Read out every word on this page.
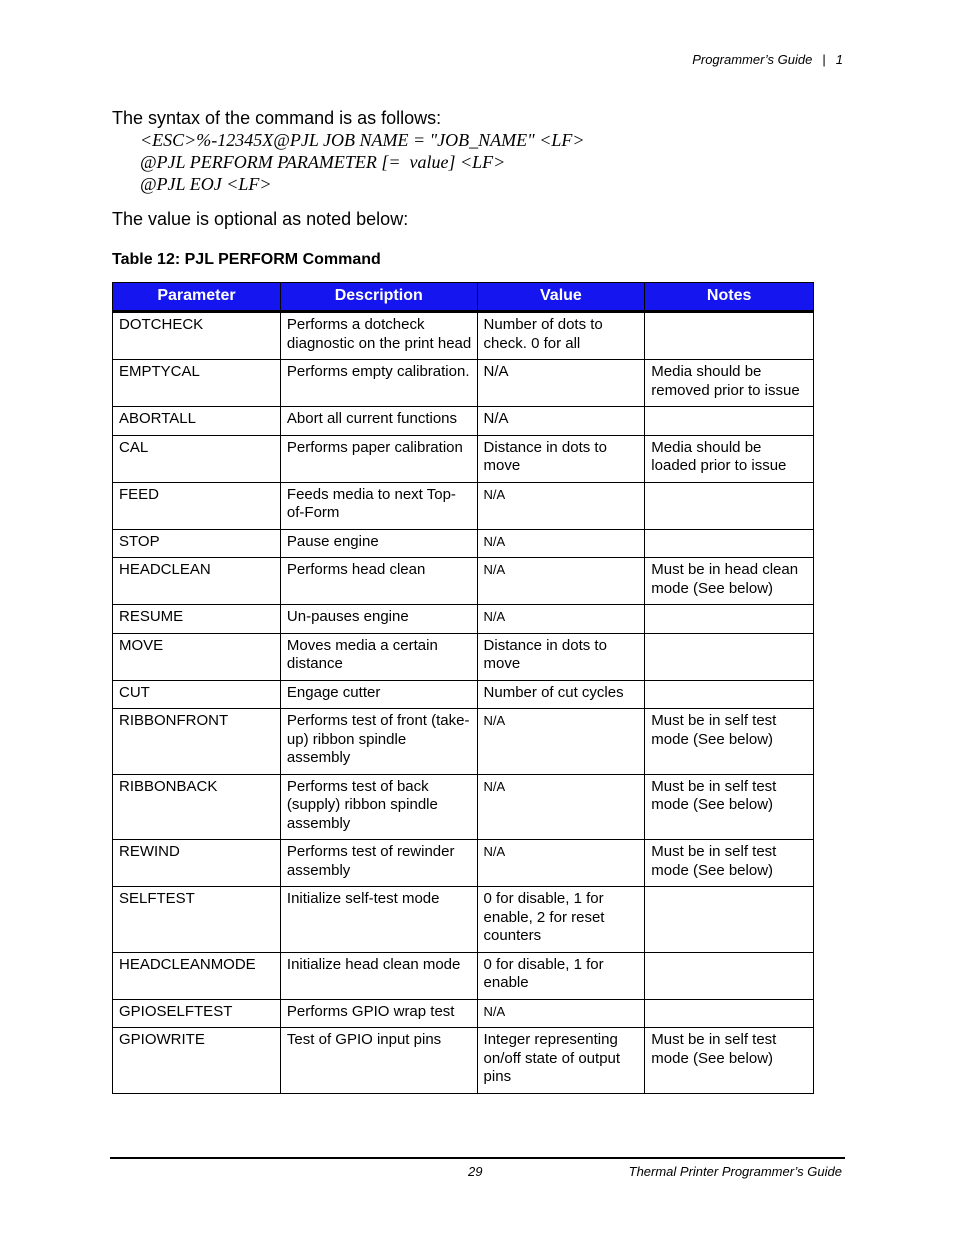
Programmer’s Guide | 1
The syntax of the command is as follows:
<ESC>%-12345X@PJL JOB NAME = "JOB_NAME" <LF>
@PJL PERFORM PARAMETER [=  value] <LF>
@PJL EOJ <LF>
The value is optional as noted below:
Table 12: PJL PERFORM Command
Parameter	Description	Value	Notes
DOTCHECK	Performs a dotcheck diagnostic on the print head	Number of dots to check. 0 for all	
EMPTYCAL	Performs empty calibration.	N/A	Media should be removed prior to issue
ABORTALL	Abort all current functions	N/A	
CAL	Performs paper calibration	Distance in dots to move	Media should be loaded prior to issue
FEED	Feeds media to next Top-of-Form	N/A	
STOP	Pause engine	N/A	
HEADCLEAN	Performs head clean	N/A	Must be in head clean mode (See below)
RESUME	Un-pauses engine	N/A	
MOVE	Moves media a certain distance	Distance in dots to move	
CUT	Engage cutter	Number of cut cycles	
RIBBONFRONT	Performs test of front (take-up) ribbon spindle assembly	N/A	Must be in self test mode (See below)
RIBBONBACK	Performs test of back (supply) ribbon spindle assembly	N/A	Must be in self test mode (See below)
REWIND	Performs test of rewinder assembly	N/A	Must be in self test mode (See below)
SELFTEST	Initialize self-test mode	0 for disable, 1 for enable, 2 for reset counters	
HEADCLEANMODE	Initialize head clean mode	0 for disable, 1 for enable	
GPIOSELFTEST	Performs GPIO wrap test	N/A	
GPIOWRITE	Test of GPIO input pins	Integer representing on/off state of output pins	Must be in self test mode (See below)
29	Thermal Printer Programmer’s Guide
